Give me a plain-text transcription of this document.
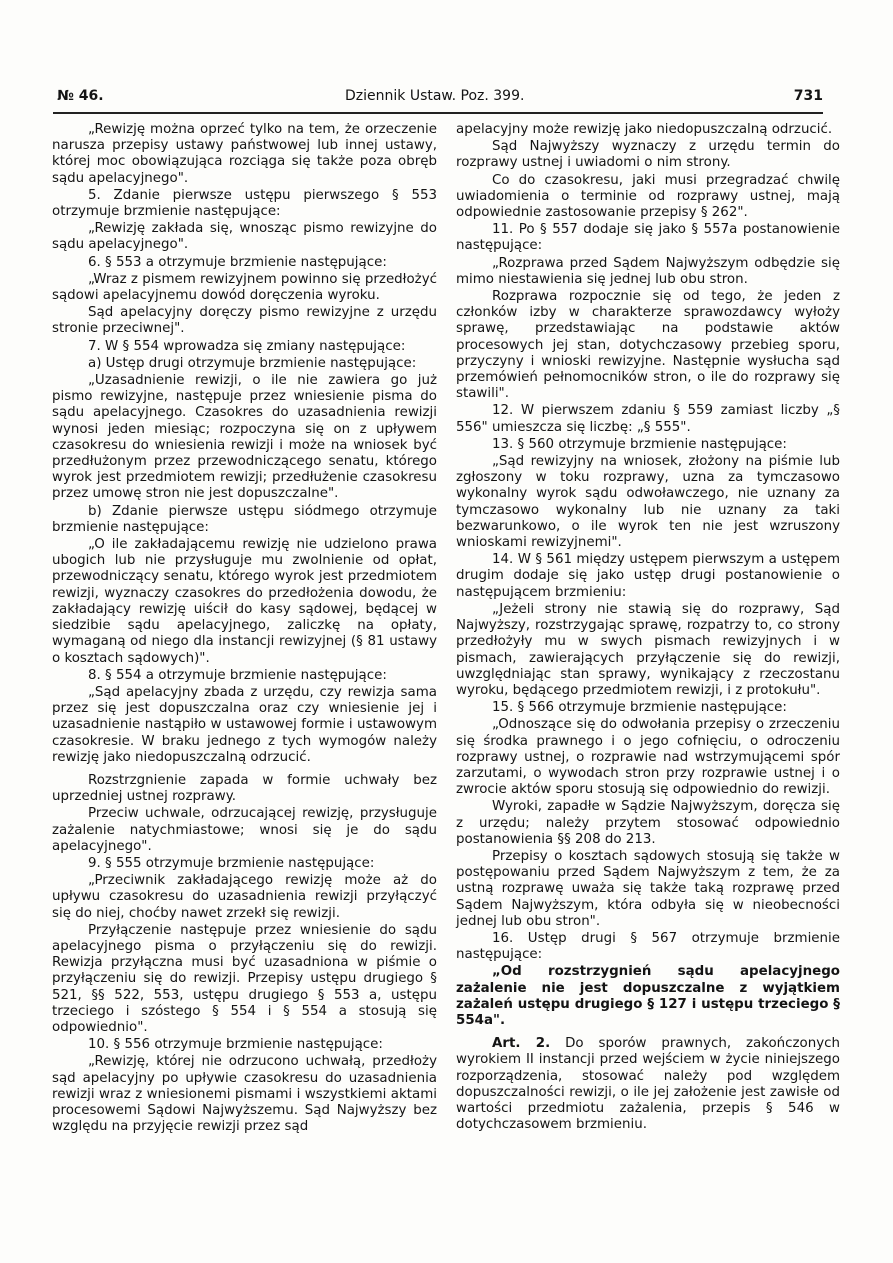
№ 46.	Dziennik Ustaw. Poz. 399.	731

„Rewizję można oprzeć tylko na tem, że orzeczenie narusza przepisy ustawy państwowej lub innej ustawy, której moc obowiązująca rozciąga się także poza obręb sądu apelacyjnego".

5. Zdanie pierwsze ustępu pierwszego § 553 otrzymuje brzmienie następujące:

„Rewizję zakłada się, wnosząc pismo rewizyjne do sądu apelacyjnego".

6. § 553 a otrzymuje brzmienie następujące:

„Wraz z pismem rewizyjnem powinno się przedłożyć sądowi apelacyjnemu dowód doręczenia wyroku.

Sąd apelacyjny doręczy pismo rewizyjne z urzędu stronie przeciwnej".

7. W § 554 wprowadza się zmiany następujące:

a) Ustęp drugi otrzymuje brzmienie następujące:

„Uzasadnienie rewizji, o ile nie zawiera go już pismo rewizyjne, następuje przez wniesienie pisma do sądu apelacyjnego. Czasokres do uzasadnienia rewizji wynosi jeden miesiąc; rozpoczyna się on z upływem czasokresu do wniesienia rewizji i może na wniosek być przedłużonym przez przewodniczącego senatu, którego wyrok jest przedmiotem rewizji; przedłużenie czasokresu przez umowę stron nie jest dopuszczalne".

b) Zdanie pierwsze ustępu siódmego otrzymuje brzmienie następujące:

„O ile zakładającemu rewizję nie udzielono prawa ubogich lub nie przysługuje mu zwolnienie od opłat, przewodniczący senatu, którego wyrok jest przedmiotem rewizji, wyznaczy czasokres do przedłożenia dowodu, że zakładający rewizję uiścił do kasy sądowej, będącej w siedzibie sądu apelacyjnego, zaliczkę na opłaty, wymaganą od niego dla instancji rewizyjnej (§ 81 ustawy o kosztach sądowych)".

8. § 554 a otrzymuje brzmienie następujące:

„Sąd apelacyjny zbada z urzędu, czy rewizja sama przez się jest dopuszczalna oraz czy wniesienie jej i uzasadnienie nastąpiło w ustawowej formie i ustawowym czasokresie. W braku jednego z tych wymogów należy rewizję jako niedopuszczalną odrzucić.

Rozstrzgnienie zapada w formie uchwały bez uprzedniej ustnej rozprawy.

Przeciw uchwale, odrzucającej rewizję, przysługuje zażalenie natychmiastowe; wnosi się je do sądu apelacyjnego".

9. § 555 otrzymuje brzmienie następujące:

„Przeciwnik zakładającego rewizję może aż do upływu czasokresu do uzasadnienia rewizji przyłączyć się do niej, choćby nawet zrzekł się rewizji.

Przyłączenie następuje przez wniesienie do sądu apelacyjnego pisma o przyłączeniu się do rewizji. Rewizja przyłączna musi być uzasadniona w piśmie o przyłączeniu się do rewizji. Przepisy ustępu drugiego § 521, §§ 522, 553, ustępu drugiego § 553 a, ustępu trzeciego i szóstego § 554 i § 554 a stosują się odpowiednio".

10. § 556 otrzymuje brzmienie następujące:

„Rewizję, której nie odrzucono uchwałą, przedłoży sąd apelacyjny po upływie czasokresu do uzasadnienia rewizji wraz z wniesionemi pismami i wszystkiemi aktami procesowemi Sądowi Najwyższemu. Sąd Najwyższy bez względu na przyjęcie rewizji przez sąd

apelacyjny może rewizję jako niedopuszczalną odrzucić.

Sąd Najwyższy wyznaczy z urzędu termin do rozprawy ustnej i uwiadomi o nim strony.

Co do czasokresu, jaki musi przegradzać chwilę uwiadomienia o terminie od rozprawy ustnej, mają odpowiednie zastosowanie przepisy § 262".

11. Po § 557 dodaje się jako § 557a postanowienie następujące:

„Rozprawa przed Sądem Najwyższym odbędzie się mimo niestawienia się jednej lub obu stron.

Rozprawa rozpocznie się od tego, że jeden z członków izby w charakterze sprawozdawcy wyłoży sprawę, przedstawiając na podstawie aktów procesowych jej stan, dotychczasowy przebieg sporu, przyczyny i wnioski rewizyjne. Następnie wysłucha sąd przemówień pełnomocników stron, o ile do rozprawy się stawili".

12. W pierwszem zdaniu § 559 zamiast liczby „§ 556" umieszcza się liczbę: „§ 555".

13. § 560 otrzymuje brzmienie następujące:

„Sąd rewizyjny na wniosek, złożony na piśmie lub zgłoszony w toku rozprawy, uzna za tymczasowo wykonalny wyrok sądu odwoławczego, nie uznany za tymczasowo wykonalny lub nie uznany za taki bezwarunkowo, o ile wyrok ten nie jest wzruszony wnioskami rewizyjnemi".

14. W § 561 między ustępem pierwszym a ustępem drugim dodaje się jako ustęp drugi postanowienie o następującem brzmieniu:

„Jeżeli strony nie stawią się do rozprawy, Sąd Najwyższy, rozstrzygając sprawę, rozpatrzy to, co strony przedłożyły mu w swych pismach rewizyjnych i w pismach, zawierających przyłączenie się do rewizji, uwzględniając stan sprawy, wynikający z rzeczostanu wyroku, będącego przedmiotem rewizji, i z protokułu".

15. § 566 otrzymuje brzmienie następujące:

„Odnoszące się do odwołania przepisy o zrzeczeniu się środka prawnego i o jego cofnięciu, o odroczeniu rozprawy ustnej, o rozprawie nad wstrzymującemi spór zarzutami, o wywodach stron przy rozprawie ustnej i o zwrocie aktów sporu stosują się odpowiednio do rewizji.

Wyroki, zapadłe w Sądzie Najwyższym, doręcza się z urzędu; należy przytem stosować odpowiednio postanowienia §§ 208 do 213.

Przepisy o kosztach sądowych stosują się także w postępowaniu przed Sądem Najwyższym z tem, że za ustną rozprawę uważa się także taką rozprawę przed Sądem Najwyższym, która odbyła się w nieobecności jednej lub obu stron".

16. Ustęp drugi § 567 otrzymuje brzmienie następujące:

„Od rozstrzygnień sądu apelacyjnego zażalenie nie jest dopuszczalne z wyjątkiem zażaleń ustępu drugiego § 127 i ustępu trzeciego § 554a".

Art. 2. Do sporów prawnych, zakończonych wyrokiem II instancji przed wejściem w życie niniejszego rozporządzenia, stosować należy pod względem dopuszczalności rewizji, o ile jej założenie jest zawisłe od wartości przedmiotu zażalenia, przepis § 546 w dotychczasowem brzmieniu.
